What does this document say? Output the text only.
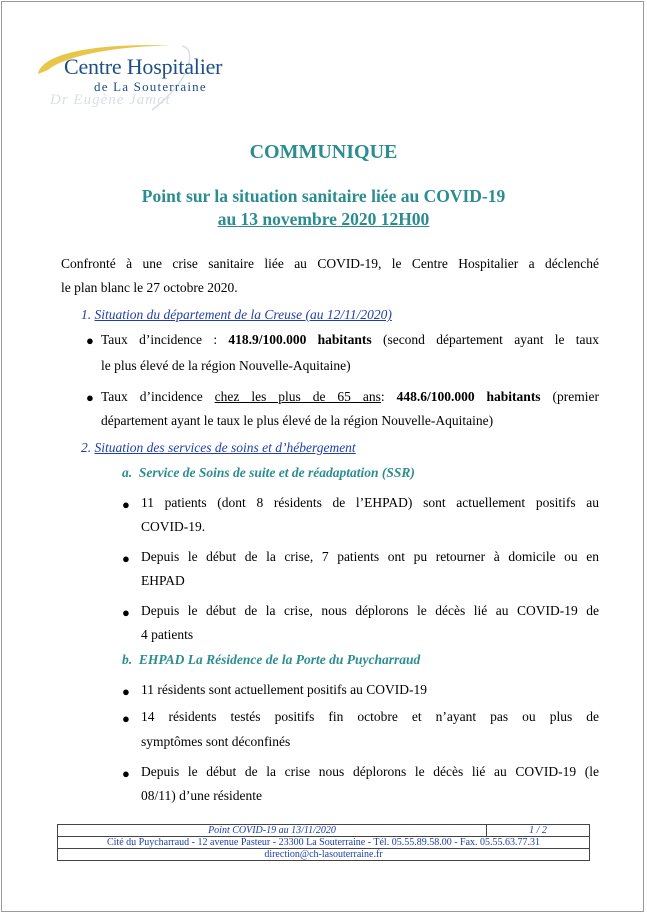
Dr Eugène Jamot
Centre Hospitalier
de La Souterraine
COMMUNIQUE
Point sur la situation sanitaire liée au COVID-19
au 13 novembre 2020 12H00
Confronté à une crise sanitaire liée au COVID-19, le Centre Hospitalier a déclenché
le plan blanc le 27 octobre 2020.
1. Situation du département de la Creuse (au 12/11/2020)
● Taux d’incidence : 418.9/100.000 habitants (second département ayant le taux
le plus élevé de la région Nouvelle-Aquitaine)
● Taux d’incidence chez les plus de 65 ans: 448.6/100.000 habitants (premier
département ayant le taux le plus élevé de la région Nouvelle-Aquitaine)
2. Situation des services de soins et d’hébergement
a. Service de Soins de suite et de réadaptation (SSR)
● 11 patients (dont 8 résidents de l’EHPAD) sont actuellement positifs au
COVID-19.
● Depuis le début de la crise, 7 patients ont pu retourner à domicile ou en
EHPAD
● Depuis le début de la crise, nous déplorons le décès lié au COVID-19 de
4 patients
b. EHPAD La Résidence de la Porte du Puycharraud
● 11 résidents sont actuellement positifs au COVID-19
● 14 résidents testés positifs fin octobre et n’ayant pas ou plus de
symptômes sont déconfinés
● Depuis le début de la crise nous déplorons le décès lié au COVID-19 (le
08/11) d’une résidente
Point COVID-19 au 13/11/2020	1 / 2
Cité du Puycharraud - 12 avenue Pasteur - 23300 La Souterraine - Tél. 05.55.89.58.00 - Fax. 05.55.63.77.31
direction@ch-lasouterraine.fr
